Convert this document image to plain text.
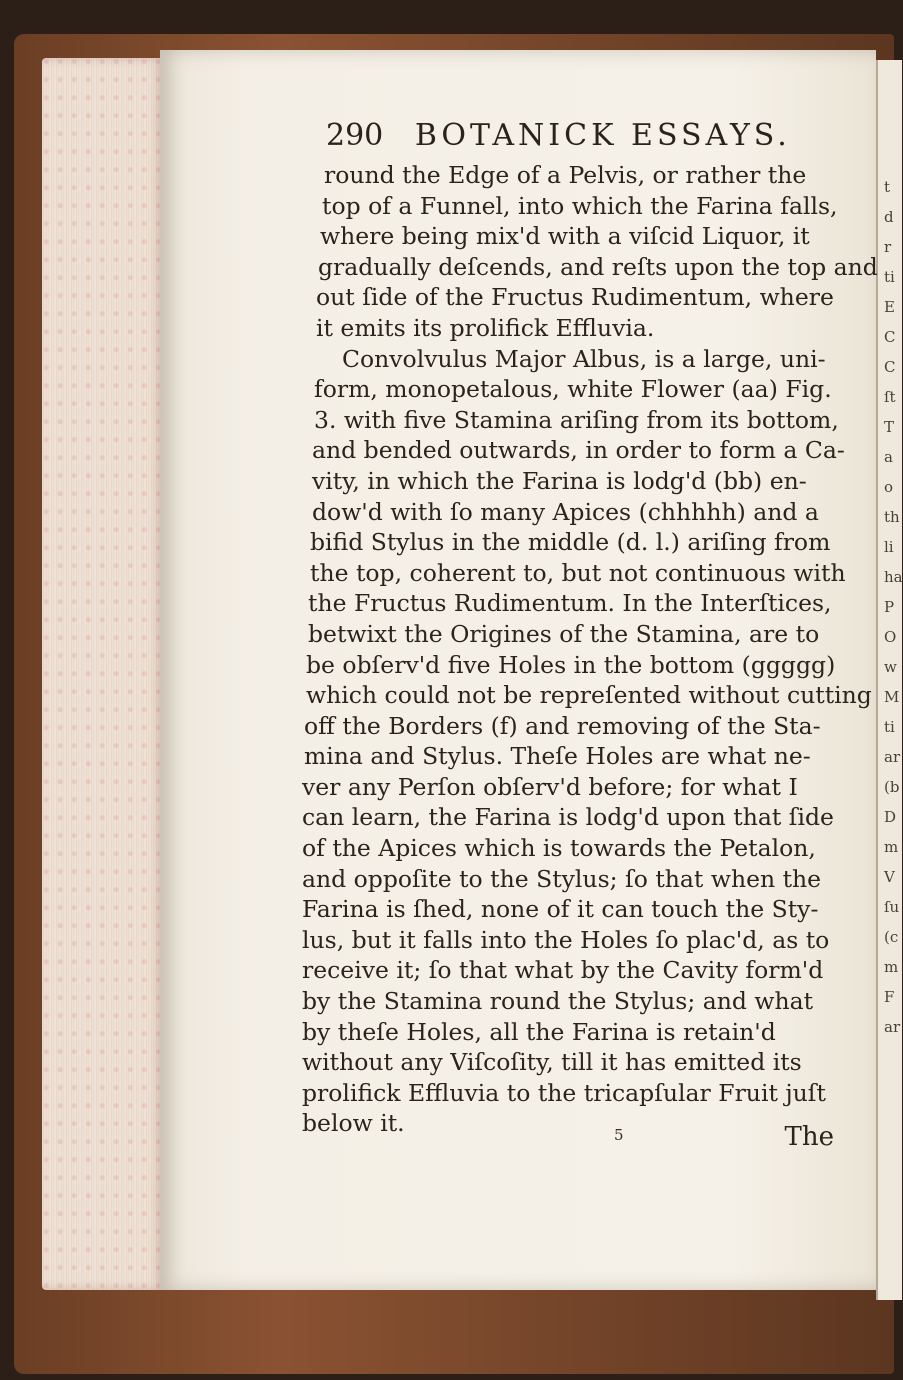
t
d
r
ti
E
C
C
ſt
T
a
o
th
li
ha
P
O
w
M
ti
ar
(b
D
m
V
ſu
(c
m
F
ar
290 BOTANICK ESSAYS.
round the Edge of a Pelvis, or rather the
top of a Funnel, into which the Farina falls,
where being mix'd with a viſcid Liquor, it
gradually deſcends, and reſts upon the top and
out ſide of the Fructus Rudimentum, where
it emits its prolifick Effluvia.
Convolvulus Major Albus, is a large, uni-
form, monopetalous, white Flower (aa) Fig.
3. with five Stamina ariſing from its bottom,
and bended outwards, in order to form a Ca-
vity, in which the Farina is lodg'd (bb) en-
dow'd with ſo many Apices (chhhhh) and a
bifid Stylus in the middle (d. l.) ariſing from
the top, coherent to, but not continuous with
the Fructus Rudimentum. In the Interſtices,
betwixt the Origines of the Stamina, are to
be obſerv'd five Holes in the bottom (ggggg)
which could not be repreſented without cutting
off the Borders (f) and removing of the Sta-
mina and Stylus. Theſe Holes are what ne-
ver any Perſon obſerv'd before; for what I
can learn, the Farina is lodg'd upon that ſide
of the Apices which is towards the Petalon,
and oppoſite to the Stylus; ſo that when the
Farina is ſhed, none of it can touch the Sty-
lus, but it falls into the Holes ſo plac'd, as to
receive it; ſo that what by the Cavity form'd
by the Stamina round the Stylus; and what
by theſe Holes, all the Farina is retain'd
without any Viſcoſity, till it has emitted its
prolifick Effluvia to the tricapſular Fruit juſt
below it.	5	The
